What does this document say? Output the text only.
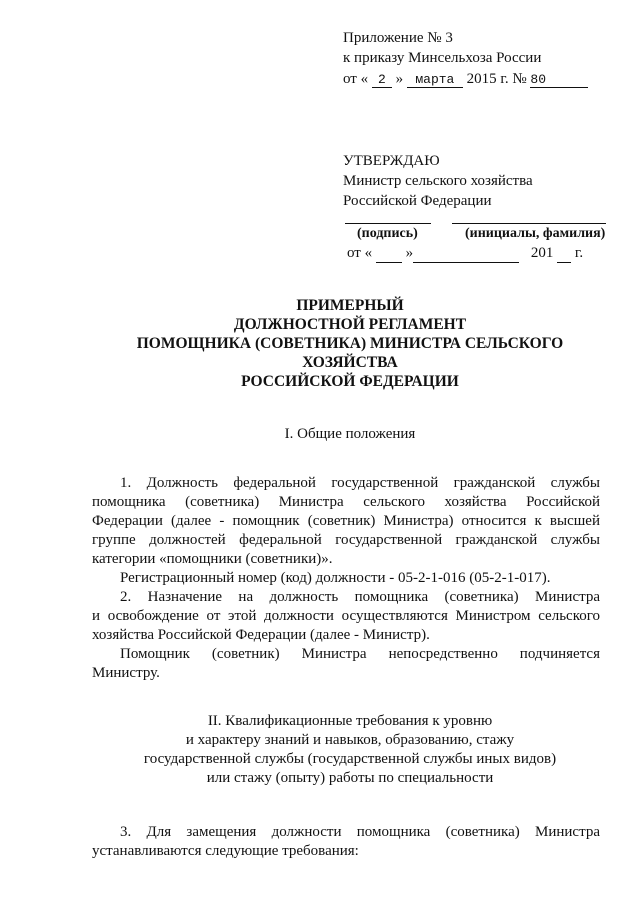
Приложение № 3
к приказу Минсельхоза России
от « 2 » марта 2015 г. № 80
УТВЕРЖДАЮ
Министр сельского хозяйства
Российской Федерации
(подпись)	(инициалы, фамилия)
от « »	201 г.
ПРИМЕРНЫЙ
ДОЛЖНОСТНОЙ РЕГЛАМЕНТ
ПОМОЩНИКА (СОВЕТНИКА) МИНИСТРА СЕЛЬСКОГО
ХОЗЯЙСТВА
РОССИЙСКОЙ ФЕДЕРАЦИИ
I. Общие положения
1. Должность федеральной государственной гражданской службы
помощника (советника) Министра сельского хозяйства Российской
Федерации (далее - помощник (советник) Министра) относится к высшей
группе должностей федеральной государственной гражданской службы
категории «помощники (советники)».
Регистрационный номер (код) должности - 05-2-1-016 (05-2-1-017).
2. Назначение на должность помощника (советника) Министра
и освобождение от этой должности осуществляются Министром сельского
хозяйства Российской Федерации (далее - Министр).
Помощник (советник) Министра непосредственно подчиняется
Министру.
II. Квалификационные требования к уровню
и характеру знаний и навыков, образованию, стажу
государственной службы (государственной службы иных видов)
или стажу (опыту) работы по специальности
3. Для замещения должности помощника (советника) Министра
устанавливаются следующие требования:
